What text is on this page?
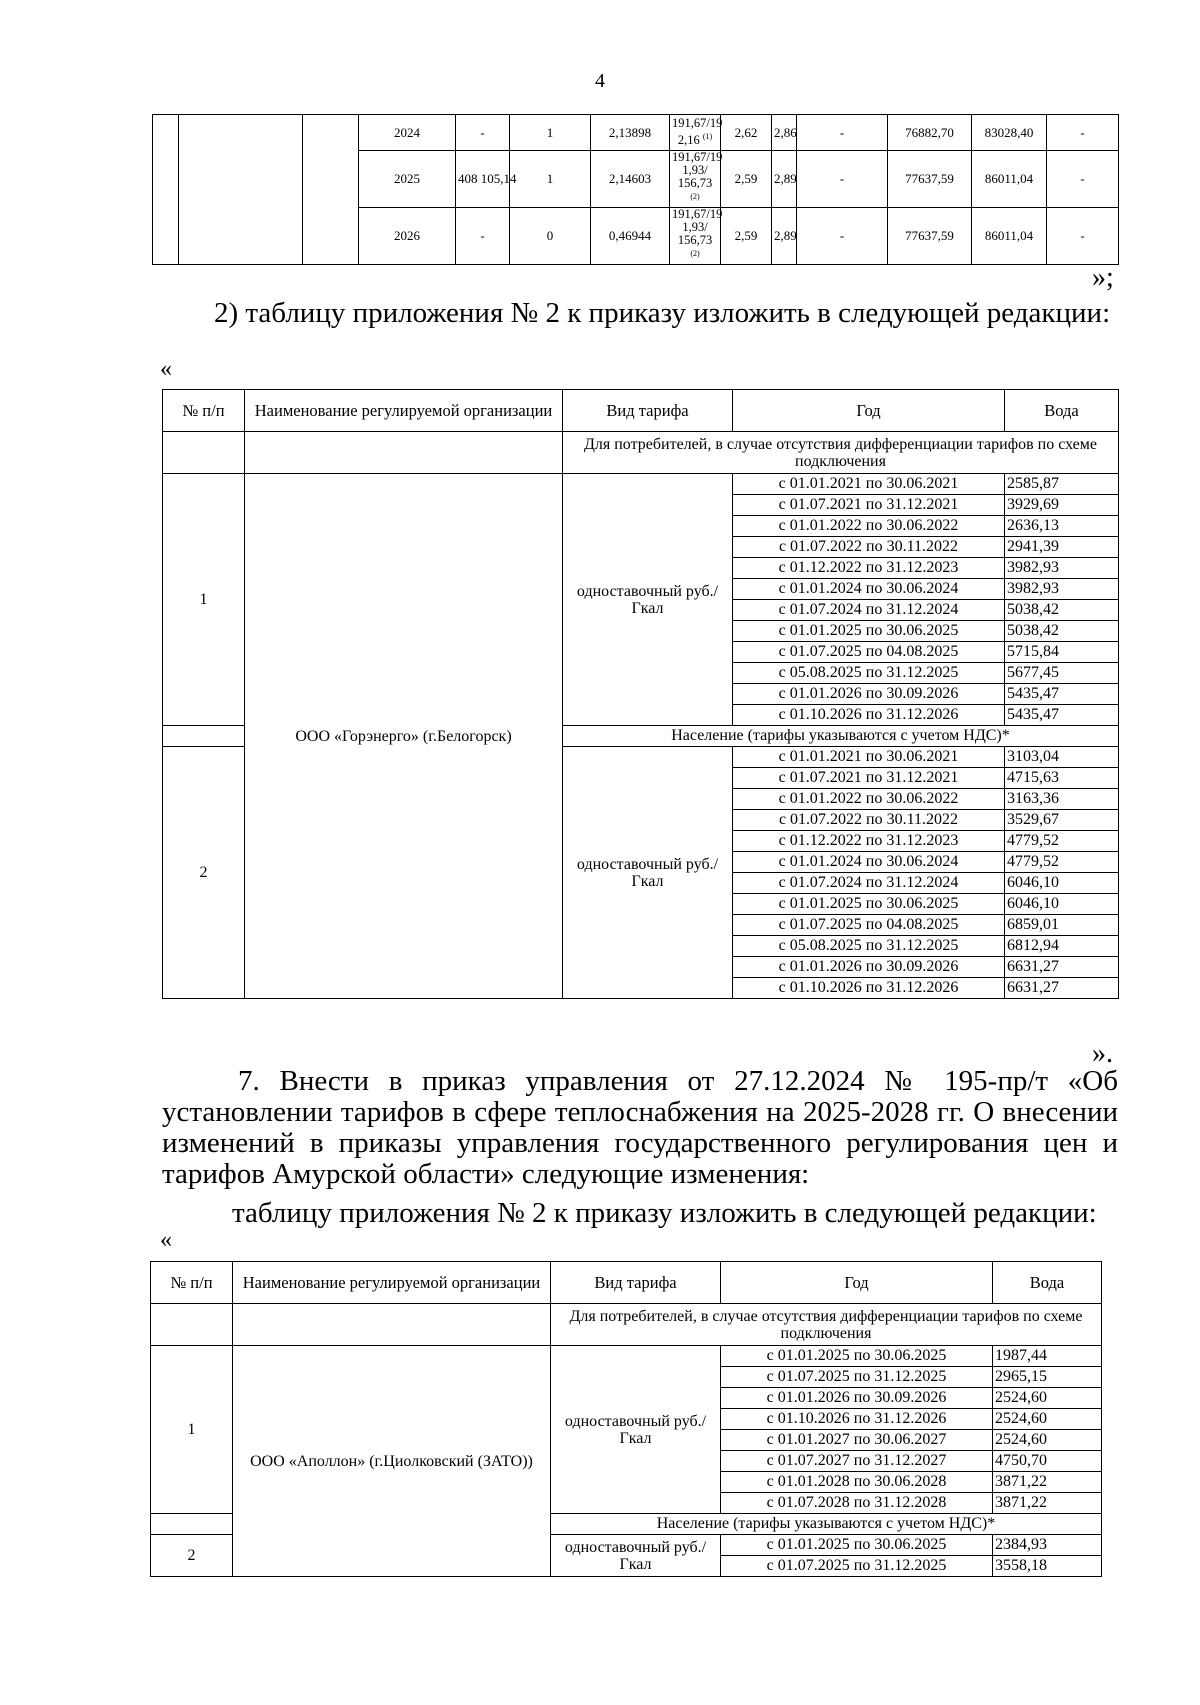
4
			2024	-	1	2,13898	191,67/19
2,16 $^{(1)}$	2,62	2,86	-	76882,70	83028,40	-	
			2025	408 105,14	1	2,14603	191,67/19
1,93/
156,73 $^{(2)}$	2,59	2,89	-	77637,59	86011,04	-	
			2026	-	0	0,46944	191,67/19
1,93/
156,73 $^{(2)}$	2,59	2,89	-	77637,59	86011,04	-	
»;

2) таблицу приложения № 2 к приказу изложить в следующей редакции:

«
№ п/п	Наименование регулируемой организации	Вид тарифа	Год	Вода
		Для потребителей, в случае отсутствия дифференциации тарифов по схеме подключения		
1	ООО «Горэнерго» (г.Белогорск)	одноставочный руб./Гкал	с 01.01.2021 по 30.06.2021	2585,87
			с 01.07.2021 по 31.12.2021	3929,69
			с 01.01.2022 по 30.06.2022	2636,13
			с 01.07.2022 по 30.11.2022	2941,39
			с 01.12.2022 по 31.12.2023	3982,93
			с 01.01.2024 по 30.06.2024	3982,93
			с 01.07.2024 по 31.12.2024	5038,42
			с 01.01.2025 по 30.06.2025	5038,42
			с 01.07.2025 по 04.08.2025	5715,84
			с 05.08.2025 по 31.12.2025	5677,45
			с 01.01.2026 по 30.09.2026	5435,47
			с 01.10.2026 по 31.12.2026	5435,47
		Население (тарифы указываются с учетом НДС)*		
2		одноставочный руб./Гкал	с 01.01.2021 по 30.06.2021	3103,04
			с 01.07.2021 по 31.12.2021	4715,63
			с 01.01.2022 по 30.06.2022	3163,36
			с 01.07.2022 по 30.11.2022	3529,67
			с 01.12.2022 по 31.12.2023	4779,52
			с 01.01.2024 по 30.06.2024	4779,52
			с 01.07.2024 по 31.12.2024	6046,10
			с 01.01.2025 по 30.06.2025	6046,10
			с 01.07.2025 по 04.08.2025	6859,01
			с 05.08.2025 по 31.12.2025	6812,94
			с 01.01.2026 по 30.09.2026	6631,27
			с 01.10.2026 по 31.12.2026	6631,27
».

7. Внести в приказ управления от 27.12.2024 № 195-пр/т «Об установлении тарифов в сфере теплоснабжения на 2025-2028 гг. О внесении изменений в приказы управления государственного регулирования цен и тарифов Амурской области» следующие изменения:

таблицу приложения № 2 к приказу изложить в следующей редакции:

«
№ п/п	Наименование регулируемой организации	Вид тарифа	Год	Вода
		Для потребителей, в случае отсутствия дифференциации тарифов по схеме подключения		
1	ООО «Аполлон» (г.Циолковский (ЗАТО))	одноставочный руб./Гкал	с 01.01.2025 по 30.06.2025	1987,44
			с 01.07.2025 по 31.12.2025	2965,15
			с 01.01.2026 по 30.09.2026	2524,60
			с 01.10.2026 по 31.12.2026	2524,60
			с 01.01.2027 по 30.06.2027	2524,60
			с 01.07.2027 по 31.12.2027	4750,70
			с 01.01.2028 по 30.06.2028	3871,22
			с 01.07.2028 по 31.12.2028	3871,22
		Население (тарифы указываются с учетом НДС)*		
2		одноставочный руб./Гкал	с 01.01.2025 по 30.06.2025	2384,93
			с 01.07.2025 по 31.12.2025	3558,18
